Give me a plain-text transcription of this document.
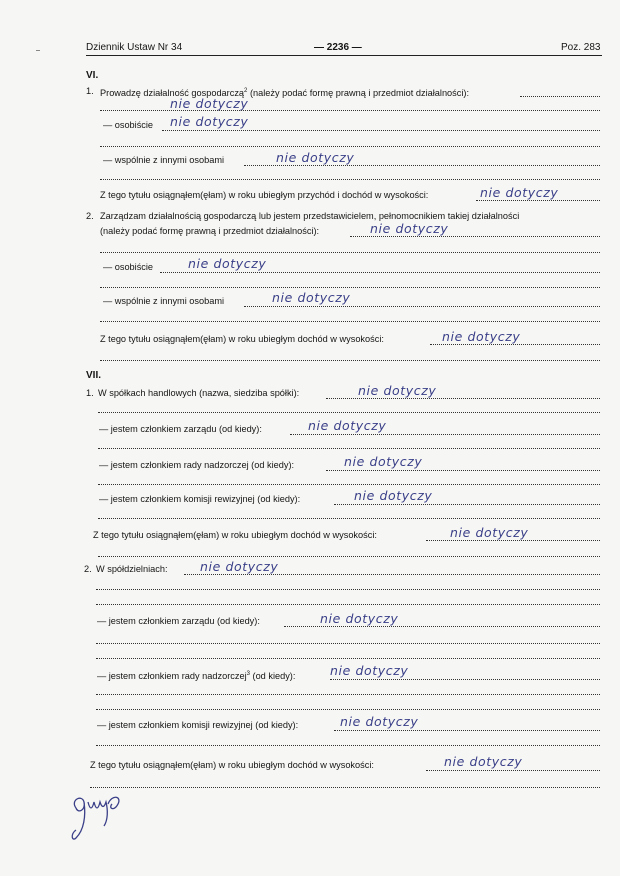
Dziennik Ustaw Nr 34	— 2236 —	Poz. 283
VI.
1. Prowadzę działalność gospodarczą$^2$ (należy podać formę prawną i przedmiot działalności):
nie dotyczy
— osobiście nie dotyczy
— wspólnie z innymi osobami	nie dotyczy
Z tego tytułu osiągnąłem(ęłam) w roku ubiegłym przychód i dochód w wysokości:	nie dotyczy
2. Zarządzam działalnością gospodarczą lub jestem przedstawicielem, pełnomocnikiem takiej działalności
(należy podać formę prawną i przedmiot działalności):	nie dotyczy
— osobiście	nie dotyczy
— wspólnie z innymi osobami	nie dotyczy
Z tego tytułu osiągnąłem(ęłam) w roku ubiegłym dochód w wysokości:	nie dotyczy
VII.
1. W spółkach handlowych (nazwa, siedziba spółki):	nie dotyczy
— jestem członkiem zarządu (od kiedy):	nie dotyczy
— jestem członkiem rady nadzorczej (od kiedy):	nie dotyczy
— jestem członkiem komisji rewizyjnej (od kiedy):	nie dotyczy
Z tego tytułu osiągnąłem(ęłam) w roku ubiegłym dochód w wysokości:	nie dotyczy
2. W spółdzielniach:	nie dotyczy
— jestem członkiem zarządu (od kiedy):	nie dotyczy
— jestem członkiem rady nadzorczej$^3$ (od kiedy):	nie dotyczy
— jestem członkiem komisji rewizyjnej (od kiedy):	nie dotyczy
Z tego tytułu osiągnąłem(ęłam) w roku ubiegłym dochód w wysokości:	nie dotyczy
